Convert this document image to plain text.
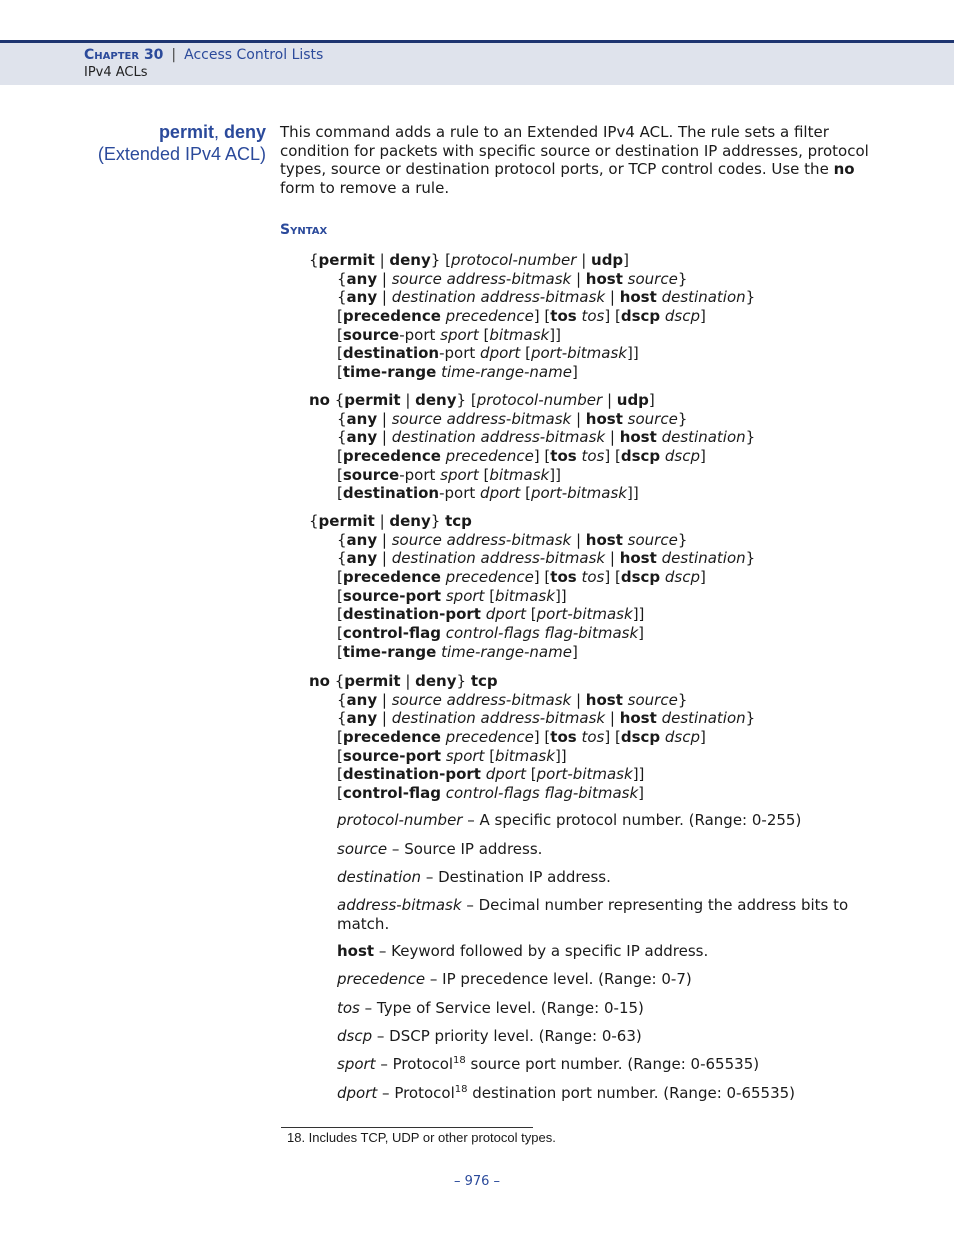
Chapter 30 | Access Control Lists
IPv4 ACLs
permit, deny
(Extended IPv4 ACL)
This command adds a rule to an Extended IPv4 ACL. The rule sets a filter condition for packets with specific source or destination IP addresses, protocol types, source or destination protocol ports, or TCP control codes. Use the no form to remove a rule.
Syntax
{permit | deny} [protocol-number | udp]
{any | source address-bitmask | host source}
{any | destination address-bitmask | host destination}
[precedence precedence] [tos tos] [dscp dscp]
[source-port sport [bitmask]]
[destination-port dport [port-bitmask]]
[time-range time-range-name]
no {permit | deny} [protocol-number | udp]
{any | source address-bitmask | host source}
{any | destination address-bitmask | host destination}
[precedence precedence] [tos tos] [dscp dscp]
[source-port sport [bitmask]]
[destination-port dport [port-bitmask]]
{permit | deny} tcp
{any | source address-bitmask | host source}
{any | destination address-bitmask | host destination}
[precedence precedence] [tos tos] [dscp dscp]
[source-port sport [bitmask]]
[destination-port dport [port-bitmask]]
[control-flag control-flags flag-bitmask]
[time-range time-range-name]
no {permit | deny} tcp
{any | source address-bitmask | host source}
{any | destination address-bitmask | host destination}
[precedence precedence] [tos tos] [dscp dscp]
[source-port sport [bitmask]]
[destination-port dport [port-bitmask]]
[control-flag control-flags flag-bitmask]
protocol-number – A specific protocol number. (Range: 0-255)
source – Source IP address.
destination – Destination IP address.
address-bitmask – Decimal number representing the address bits to match.
host – Keyword followed by a specific IP address.
precedence – IP precedence level. (Range: 0-7)
tos – Type of Service level. (Range: 0-15)
dscp – DSCP priority level. (Range: 0-63)
sport – Protocol$^{18}$ source port number. (Range: 0-65535)
dport – Protocol$^{18}$ destination port number. (Range: 0-65535)
18. Includes TCP, UDP or other protocol types.
– 976 –
